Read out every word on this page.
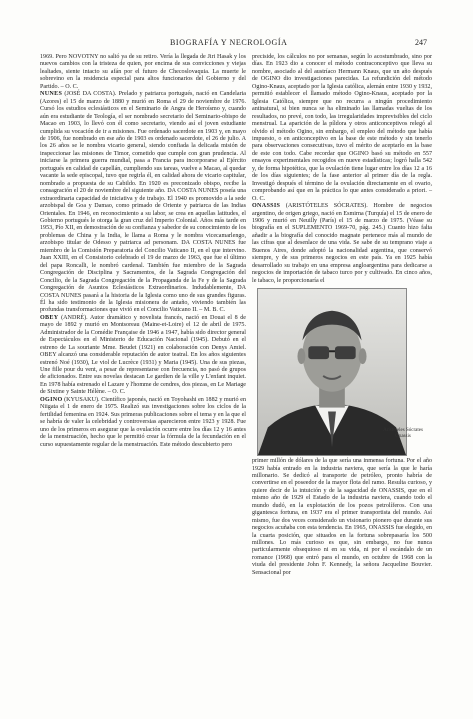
BIOGRAFÍA Y NECROLOGÍA	247

1969. Pero NOVOTNY no salió ya de su retiro. Vería la llegada de Jiri Hasak y los nuevos cambios con la tristeza de quien, por encima de sus convicciones y viejas lealtades, siente intacto su afán por el futuro de Checoslovaquia. La muerte le sobrevino en la residencia especial para altos funcionarios del Gobierno y del Partido. – O. C.

NUNES (JOSÉ DA COSTA). Prelado y patriarca portugués, nació en Candelaria (Azores) el 15 de marzo de 1880 y murió en Roma el 29 de noviembre de 1976. Cursó los estudios eclesiásticos en el Seminario de Angra de Heroísmo y, cuando aún era estudiante de Teología, el ser nombrado secretario del Seminario-obispo de Macao en 1903, lo llevó con él como secretario, viendo así el joven estudiante cumplida su vocación de ir a misiones. Fue ordenado sacerdote en 1903 y, en mayo de 1906, fue nombrado en ese año de 1903 es ordenado sacerdote, el 26 de julio. A los 26 años se le nombra vicario general, siendo confiada la delicada misión de inspeccionar las misiones de Timor, cometido que cumple con gran prudencia. Al iniciarse la primera guerra mundial, pasa a Francia para incorporarse al Ejército portugués en calidad de capellán, cumpliendo sus tareas, vuelve a Macao, al quedar vacante la sede episcopal, tuvo que regirla él, en calidad ahora de vicario capitular, nombrado a propuesta de su Cabildo. En 1920 es preconizado obispo, recibe la consagración el 20 de noviembre del siguiente año. DA COSTA NUNES poseía una extraordinaria capacidad de iniciativa y de trabajo. El 1940 es promovido a la sede arzobispal de Goa y Damao, como primado de Oriente y patriarca de las Indias Orientales. En 1946, en reconocimiento a su labor, se crea en aquellas latitudes, el Gobierno portugués le otorga la gran cruz del Imperio Colonial. Años más tarde en 1953, Pío XII, en demostración de su confianza y sabedor de su conocimiento de los problemas de China y la India, le llama a Roma y le nombra vicecamarlengo, arzobispo titular de Odesso y patriarca ad personam. DA COSTA NUNES fue miembro de la Comisión Preparatoria del Concilio Vaticano II, en el que intervino. Juan XXIII, en el Consistorio celebrado el 19 de marzo de 1963, que fue el último del papa Roncalli, le nombró cardenal. También fue miembro de la Sagrada Congregación de Disciplina y Sacramentos, de la Sagrada Congregación del Concilio, de la Sagrada Congregación de la Propaganda de la Fe y de la Sagrada Congregación de Asuntos Eclesiásticos Extraordinarios. Indudablemente, DA COSTA NUNES pasará a la historia de la Iglesia como uno de sus grandes figuras. Él ha sido testimonio de la Iglesia misionera de antaño, viviendo también las profundas transformaciones que vivió en el Concilio Vaticano II. – M. B. C.

OBEY (ANDRÉ). Autor dramático y novelista francés, nació en Douai el 8 de mayo de 1892 y murió en Montsoreau (Maine-et-Loire) el 12 de abril de 1975. Administrador de la Comédie Française de 1946 a 1947, había sido director general de Espectáculos en el Ministerio de Educación Nacional (1945). Debutó en el estreno de La souriante Mme. Beudet (1921) en colaboración con Denys Amiel. OBEY alcanzó una considerable reputación de autor teatral. En los años siguientes estrenó Noé (1930), Le viol de Lucrèce (1931) y Maria (1945). Una de sus piezas, Une fille pour du vent, a pesar de representarse con frecuencia, no pasó de grupos de aficionados. Entre sus novelas destacan Le gardien de la ville y L'enfant inquiet. En 1978 había estrenado el Lazare y l'homme de cendres, dos piezas, en Le Mariage de Sixtine y Sainte Hélène. – O. C.

OGINO (KYUSAKU). Científico japonés, nació en Toyohashi en 1882 y murió en Niigata el 1 de enero de 1975. Realizó sus investigaciones sobre los ciclos de la fertilidad femenina en 1924. Sus primeras publicaciones sobre el tema y en la que el se habría de valer la celebridad y controversias aparecieron entre 1923 y 1928. Fue uno de los primeros en asegurar que la ovulación ocurre entre los días 12 y 16 antes de la menstruación, hecho que le permitió crear la fórmula de la fecundación en el curso supuestamente regular de la menstruación. Este método descubierto pero

preciside, los cálculos no por semanas, según lo acostumbrado, sino por días. En 1923 dio a conocer el método contraconceptivo que lleva su nombre, asociado al del austríaco Hermann Knaus, que un año después de OGINO dio investigaciones parecidas. La refundición del método Ogino-Knaus, aceptado por la Iglesia católica, alemán entre 1930 y 1932, permitió establecer el llamado método Ogino-Knaus, aceptado por la Iglesia Católica, siempre que no recurra a ningún procedimiento antinatural, si bien nunca se ha eliminado las llamadas vueltas de los resultados, no prevé, con todo, las irregularidades imprevisibles del ciclo menstrual. La aparición de la píldora y otros anticonceptivos relegó al olvido el método Ogino, sin embargo, el empleo del método que había impuesto, o en anticonceptivo en la base de este método y sin tenerlo para observaciones consecutivas, tuvo el mérito de aceptarlo en la base de este con todo. Cabe recordar que OGINO basó su método en 557 ensayos experimentales recogidos en nueve estadísticas; logró halla 542 y, de forma hipotética, que la ovulación tiene lugar entre los días 12 a 16 de los días siguientes; de la fase anterior al primer día de la regla. Investigó después el término de la ovulación directamente en el ovario, comprobando así que en la práctica lo que antes considerado a priori. – O. C.

ONASSIS (ARISTÓTELES SÓCRATES). Hombre de negocios argentino, de origen griego, nació en Esmirna (Turquía) el 15 de enero de 1906 y murió en Neuilly (París) el 15 de marzo de 1975. (Véase su biografía en el SUPLEMENTO 1969-70, pág. 245.) Cuanto hizo falta añadir a la biografía del conocido magnate pertenece más al mundo de las cifras que al desenlace de una vida. Se sabe de su temprano viaje a Buenos Aires, donde adoptó la nacionalidad argentina, que conservó siempre, y de sus primeros negocios en este país. Ya en 1925 había desarrollado su trabajo en una empresa angloargentina para dedicarse a negocios de importación de tabaco turco por y cultivado. En cinco años, le tabaco, le proporcionaría el

Aristóteles Sócrates Onassis

primer millón de dólares de la que sería una inmensa fortuna. Por el año 1929 había entrado en la industria naviera, que sería la que le haría millonario. Se dedicó al transporte de petróleo, pronto habría de convertirse en el poseedor de la mayor flota del ramo. Resulta curioso, y quiere decir de la intuición y de la sagacidad de ONASSIS, que en el mismo año de 1929 el Estado de la industria naviera, cuando todo el mundo dudó, en la explotación de los pozos petrolíferos. Con una gigantesca fortuna, en 1937 era el primer transportista del mundo. Así mismo, fue dos veces considerado un visionario pionero que durante sus negocios acuñaba con esta tendencia. En 1965, ONASSIS fue elegido, en la cuarta posición, que situados en la fortuna sobrepasaría los 500 millones. Lo más curioso es que, sin embargo, no fue nunca particularmente obsequioso ni en su vida, ni por el escándalo de un romance (1968) que entró para el mundo, en octubre de 1968 con la viuda del presidente John F. Kennedy, la señora Jacqueline Bouvier. Sensacional por
